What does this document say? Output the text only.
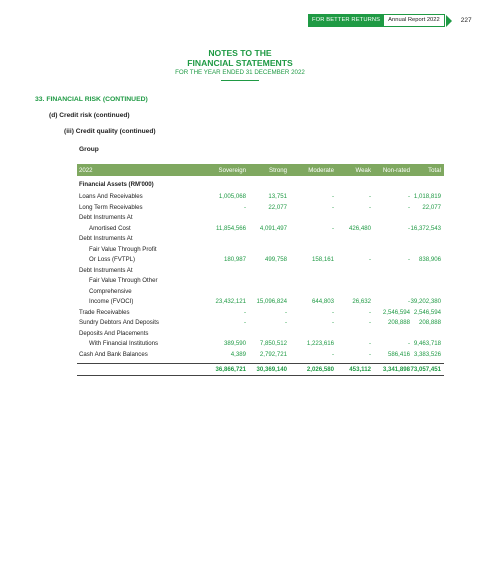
FOR BETTER RETURNS	Annual Report 2022	227
NOTES TO THE
FINANCIAL STATEMENTS
FOR THE YEAR ENDED 31 DECEMBER 2022
33. FINANCIAL RISK (CONTINUED)
(d) Credit risk (continued)
(iii) Credit quality (continued)
Group
2022	Sovereign	Strong	Moderate	Weak	Non-rated	Total
Financial Assets (RM'000)
Loans And Receivables	1,005,068	13,751	-	-	- 1,018,819
Long Term Receivables	-	22,077	-	-	-	22,077
Debt Instruments At
Amortised Cost	11,854,566	4,091,497	-	426,480	- 16,372,543
Debt Instruments At
Fair Value Through Profit
Or Loss (FVTPL)	180,987	499,758	158,161	-	-	838,906
Debt Instruments At
Fair Value Through Other
Comprehensive
Income (FVOCI)	23,432,121	15,096,824	644,803	26,632	- 39,202,380
Trade Receivables	-	-	-	-	2,546,594 2,546,594
Sundry Debtors And Deposits	-	-	-	-	208,888	208,888
Deposits And Placements
With Financial Institutions	389,590	7,850,512	1,223,616	-	- 9,463,718
Cash And Bank Balances	4,389	2,792,721	-	-	586,416 3,383,526
36,866,721	30,369,140	2,026,580	453,112	3,341,898 73,057,451
